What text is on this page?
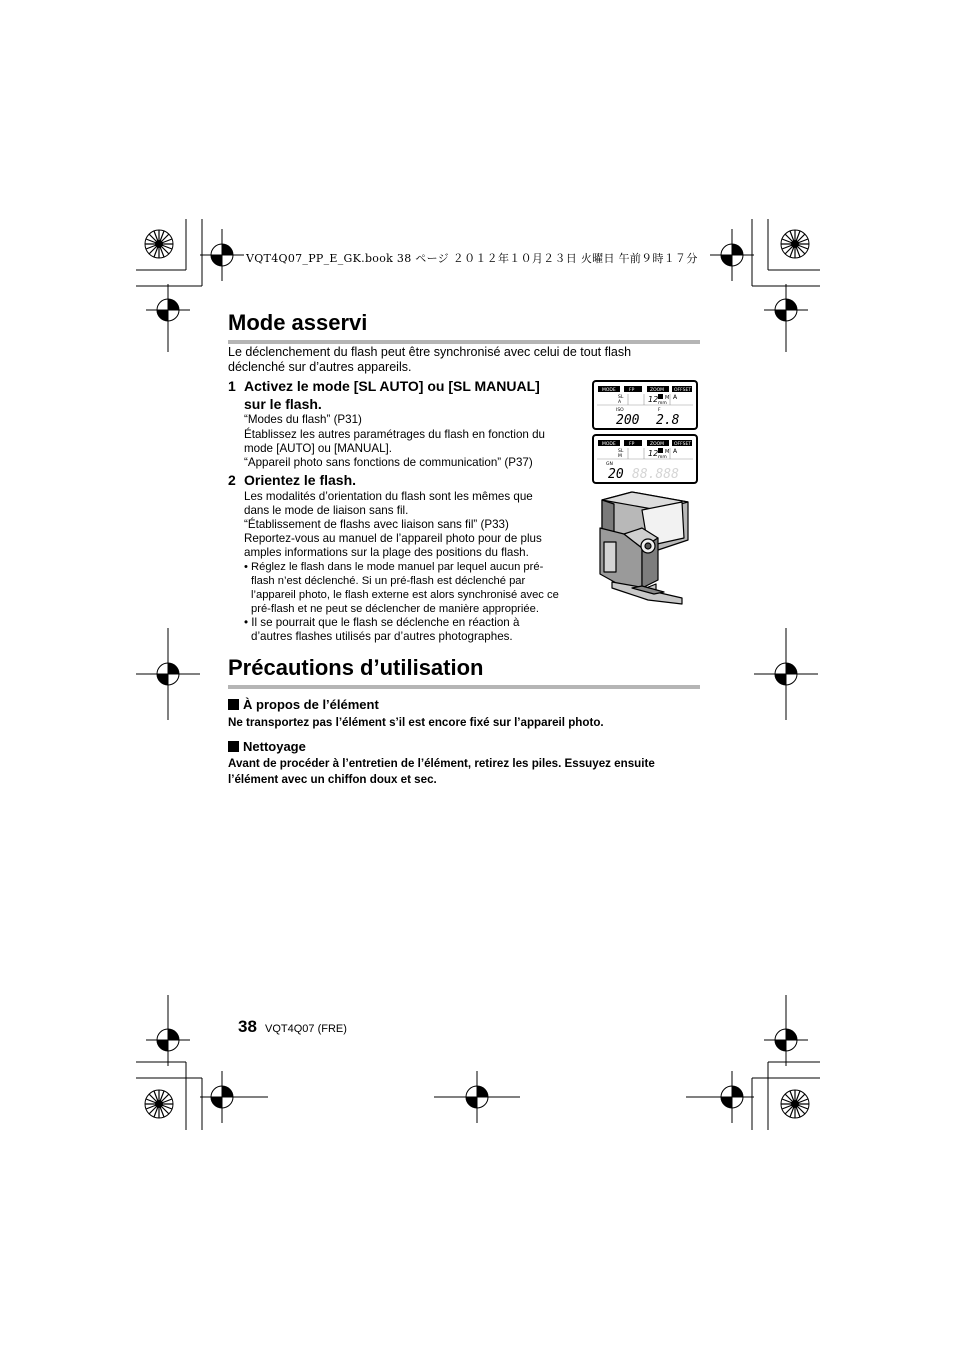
VQT4Q07_PP_E_GK.book 38 ページ ２０１２年１０月２３日 火曜日 午前９時１７分
Mode asservi
Le déclenchement du flash peut être synchronisé avec celui de tout flash
déclenché sur d’autres appareils.
1 Activez le mode [SL AUTO] ou [SL MANUAL]
sur le flash.
“Modes du flash” (P31)
Établissez les autres paramétrages du flash en fonction du
mode [AUTO] ou [MANUAL].
“Appareil photo sans fonctions de communication” (P37)
2 Orientez le flash.
Les modalités d’orientation du flash sont les mêmes que
dans le mode de liaison sans fil.
“Établissement de flashs avec liaison sans fil” (P33)
Reportez-vous au manuel de l’appareil photo pour de plus
amples informations sur la plage des positions du flash.
• Réglez le flash dans le mode manuel par lequel aucun pré-
flash n’est déclenché. Si un pré-flash est déclenché par
l’appareil photo, le flash externe est alors synchronisé avec ce
pré-flash et ne peut se déclencher de manière appropriée.
• Il se pourrait que le flash se déclenche en réaction à
d’autres flashes utilisés par d’autres photographes.
MODE	FP	ZOOM OFFSET
SL
A	12 mm
M A
ISO	F
200 2.8
MODE	FP	ZOOM OFFSET
SL
M	12 mm
M A
GN
20 88.888
Précautions d’utilisation
À propos de l’élément
Ne transportez pas l’élément s’il est encore fixé sur l’appareil photo.
Nettoyage
Avant de procéder à l’entretien de l’élément, retirez les piles. Essuyez ensuite
l’élément avec un chiffon doux et sec.
38 VQT4Q07 (FRE)
